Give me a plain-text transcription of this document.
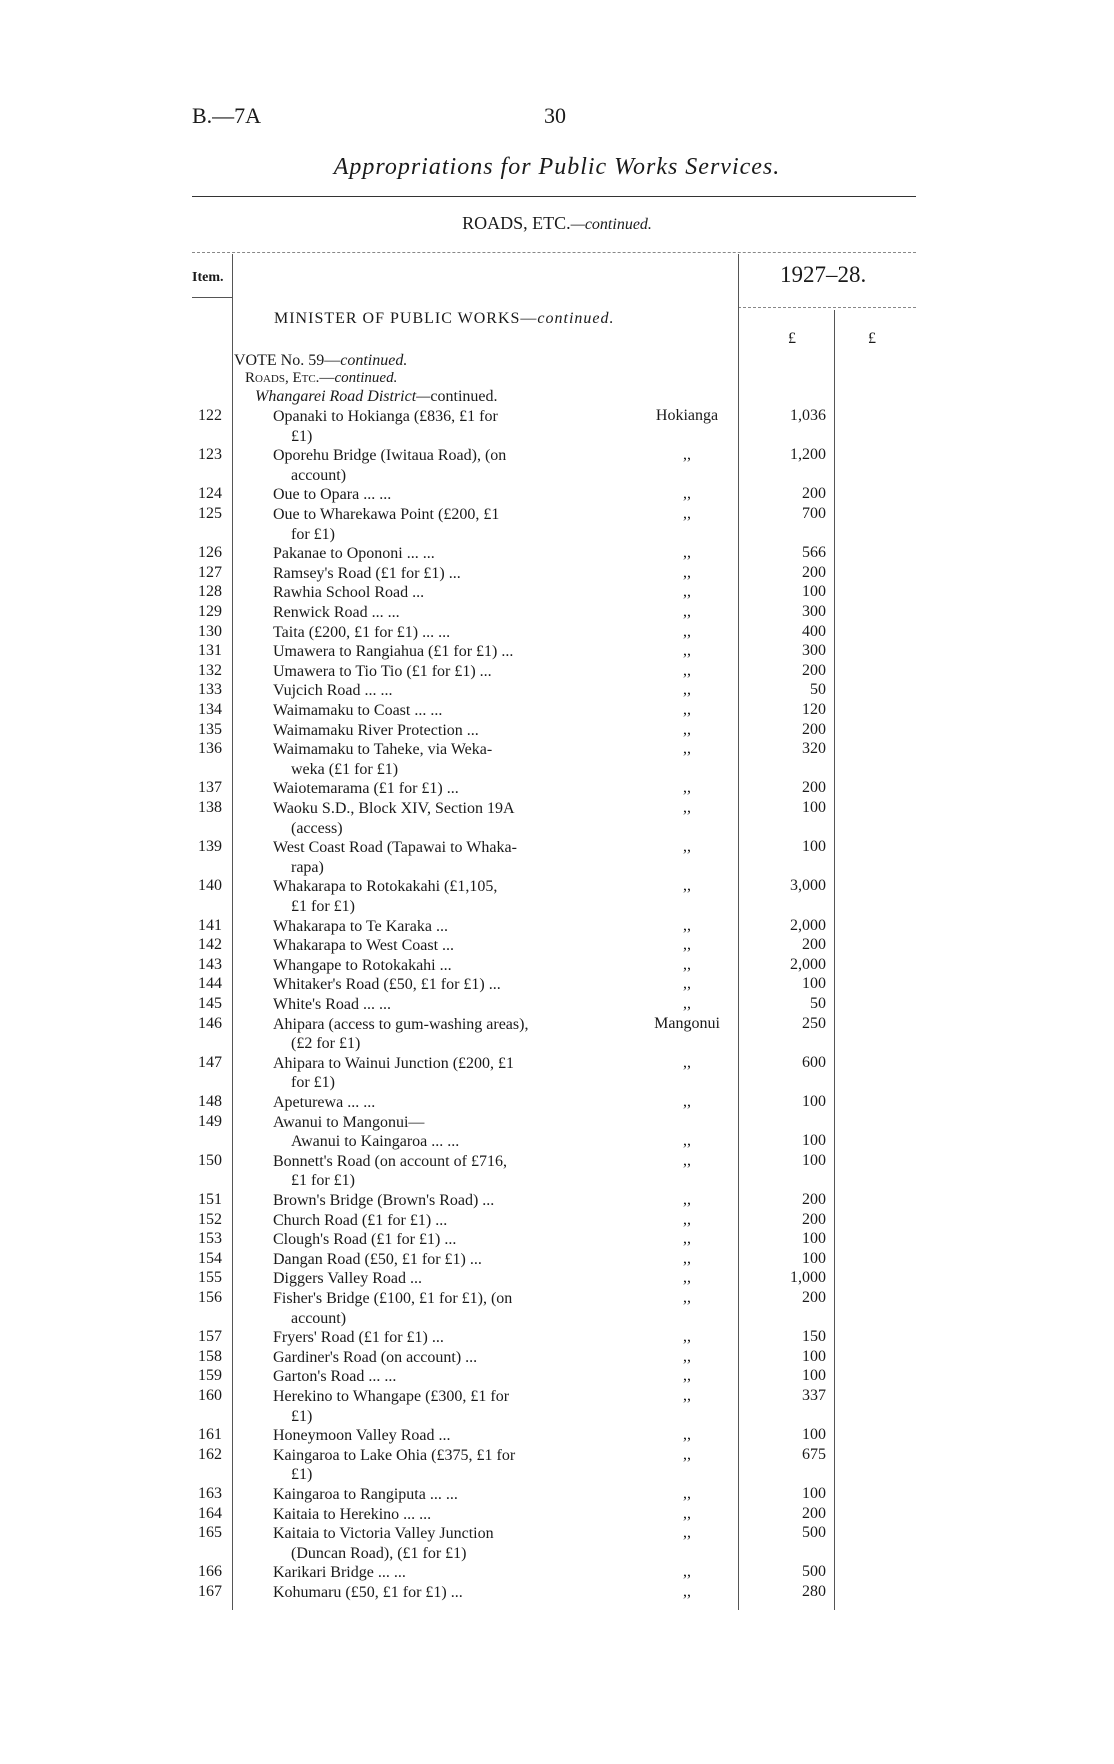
B.—7A	30
Appropriations for Public Works Services.
ROADS, ETC.—continued.
Item.	1927–28.
£	£
MINISTER OF PUBLIC WORKS—continued.
VOTE No. 59—continued.
Roads, Etc.—continued.
Whangarei Road District—continued.
122	Opanaki to Hokianga (£836, £1 for
£1)
Hokianga	1,036
123	Oporehu Bridge (Iwitaua Road), (on
account)
,,	1,200
124	Oue to Opara ... ...	,,	200
125	Oue to Wharekawa Point (£200, £1
for £1)
,,	700
126	Pakanae to Opononi ... ...	,,	566
127	Ramsey's Road (£1 for £1) ...	,,	200
128	Rawhia School Road ...	,,	100
129	Renwick Road ... ...	,,	300
130	Taita (£200, £1 for £1) ... ...	,,	400
131	Umawera to Rangiahua (£1 for £1) ...	,,	300
132	Umawera to Tio Tio (£1 for £1) ...	,,	200
133	Vujcich Road ... ...	,,	50
134	Waimamaku to Coast ... ...	,,	120
135	Waimamaku River Protection ...	,,	200
136	Waimamaku to Taheke, via Weka-
weka (£1 for £1)
,,	320
137	Waiotemarama (£1 for £1) ...	,,	200
138	Waoku S.D., Block XIV, Section 19A
(access)
,,	100
139	West Coast Road (Tapawai to Whaka-
rapa)
,,	100
140	Whakarapa to Rotokakahi (£1,105,
£1 for £1)
,,	3,000
141	Whakarapa to Te Karaka ...	,,	2,000
142	Whakarapa to West Coast ...	,,	200
143	Whangape to Rotokakahi ...	,,	2,000
144	Whitaker's Road (£50, £1 for £1) ...	,,	100
145	White's Road ... ...	,,	50
146	Ahipara (access to gum-washing areas),
(£2 for £1)
Mangonui	250
147	Ahipara to Wainui Junction (£200, £1
for £1)
,,	600
148	Apeturewa ... ...	,,	100
149	Awanui to Mangonui—
Awanui to Kaingaroa ... ...	,,	100
150	Bonnett's Road (on account of £716,
£1 for £1)
,,	100
151	Brown's Bridge (Brown's Road) ...	,,	200
152	Church Road (£1 for £1) ...	,,	200
153	Clough's Road (£1 for £1) ...	,,	100
154	Dangan Road (£50, £1 for £1) ...	,,	100
155	Diggers Valley Road ...	,,	1,000
156	Fisher's Bridge (£100, £1 for £1), (on
account)
,,	200
157	Fryers' Road (£1 for £1) ...	,,	150
158	Gardiner's Road (on account) ...	,,	100
159	Garton's Road ... ...	,,	100
160	Herekino to Whangape (£300, £1 for
£1)
,,	337
161	Honeymoon Valley Road ...	,,	100
162	Kaingaroa to Lake Ohia (£375, £1 for
£1)
,,	675
163	Kaingaroa to Rangiputa ... ...	,,	100
164	Kaitaia to Herekino ... ...	,,	200
165	Kaitaia to Victoria Valley Junction
(Duncan Road), (£1 for £1)
,,	500
166	Karikari Bridge ... ...	,,	500
167	Kohumaru (£50, £1 for £1) ...	,,	280
